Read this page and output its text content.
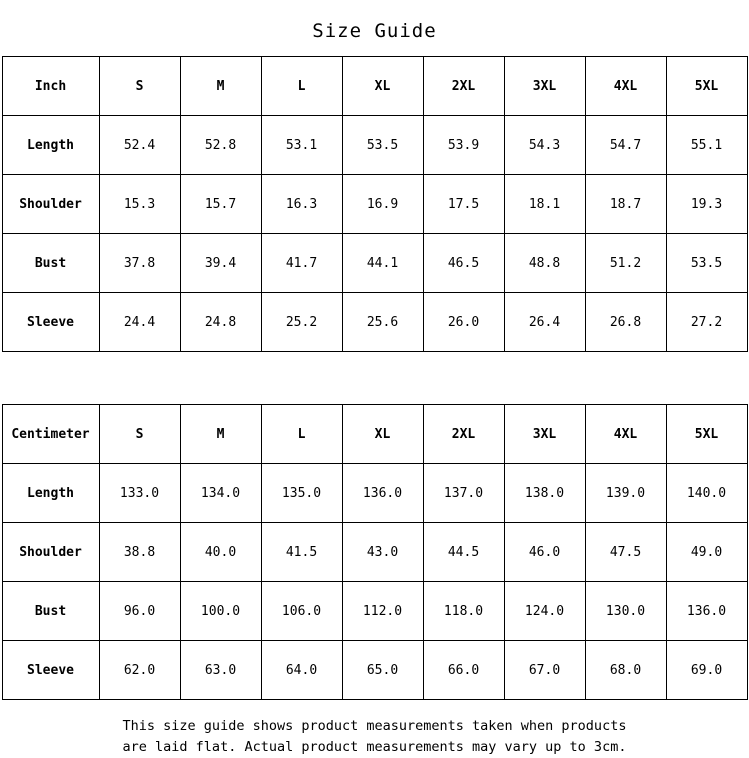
Size Guide
Inch	S	M	L	XL	2XL	3XL	4XL	5XL
Length	52.4	52.8	53.1	53.5	53.9	54.3	54.7	55.1
Shoulder	15.3	15.7	16.3	16.9	17.5	18.1	18.7	19.3
Bust	37.8	39.4	41.7	44.1	46.5	48.8	51.2	53.5
Sleeve	24.4	24.8	25.2	25.6	26.0	26.4	26.8	27.2
Centimeter	S	M	L	XL	2XL	3XL	4XL	5XL
Length	133.0	134.0	135.0	136.0	137.0	138.0	139.0	140.0
Shoulder	38.8	40.0	41.5	43.0	44.5	46.0	47.5	49.0
Bust	96.0	100.0	106.0	112.0	118.0	124.0	130.0	136.0
Sleeve	62.0	63.0	64.0	65.0	66.0	67.0	68.0	69.0
This size guide shows product measurements taken when products
are laid flat. Actual product measurements may vary up to 3cm.
